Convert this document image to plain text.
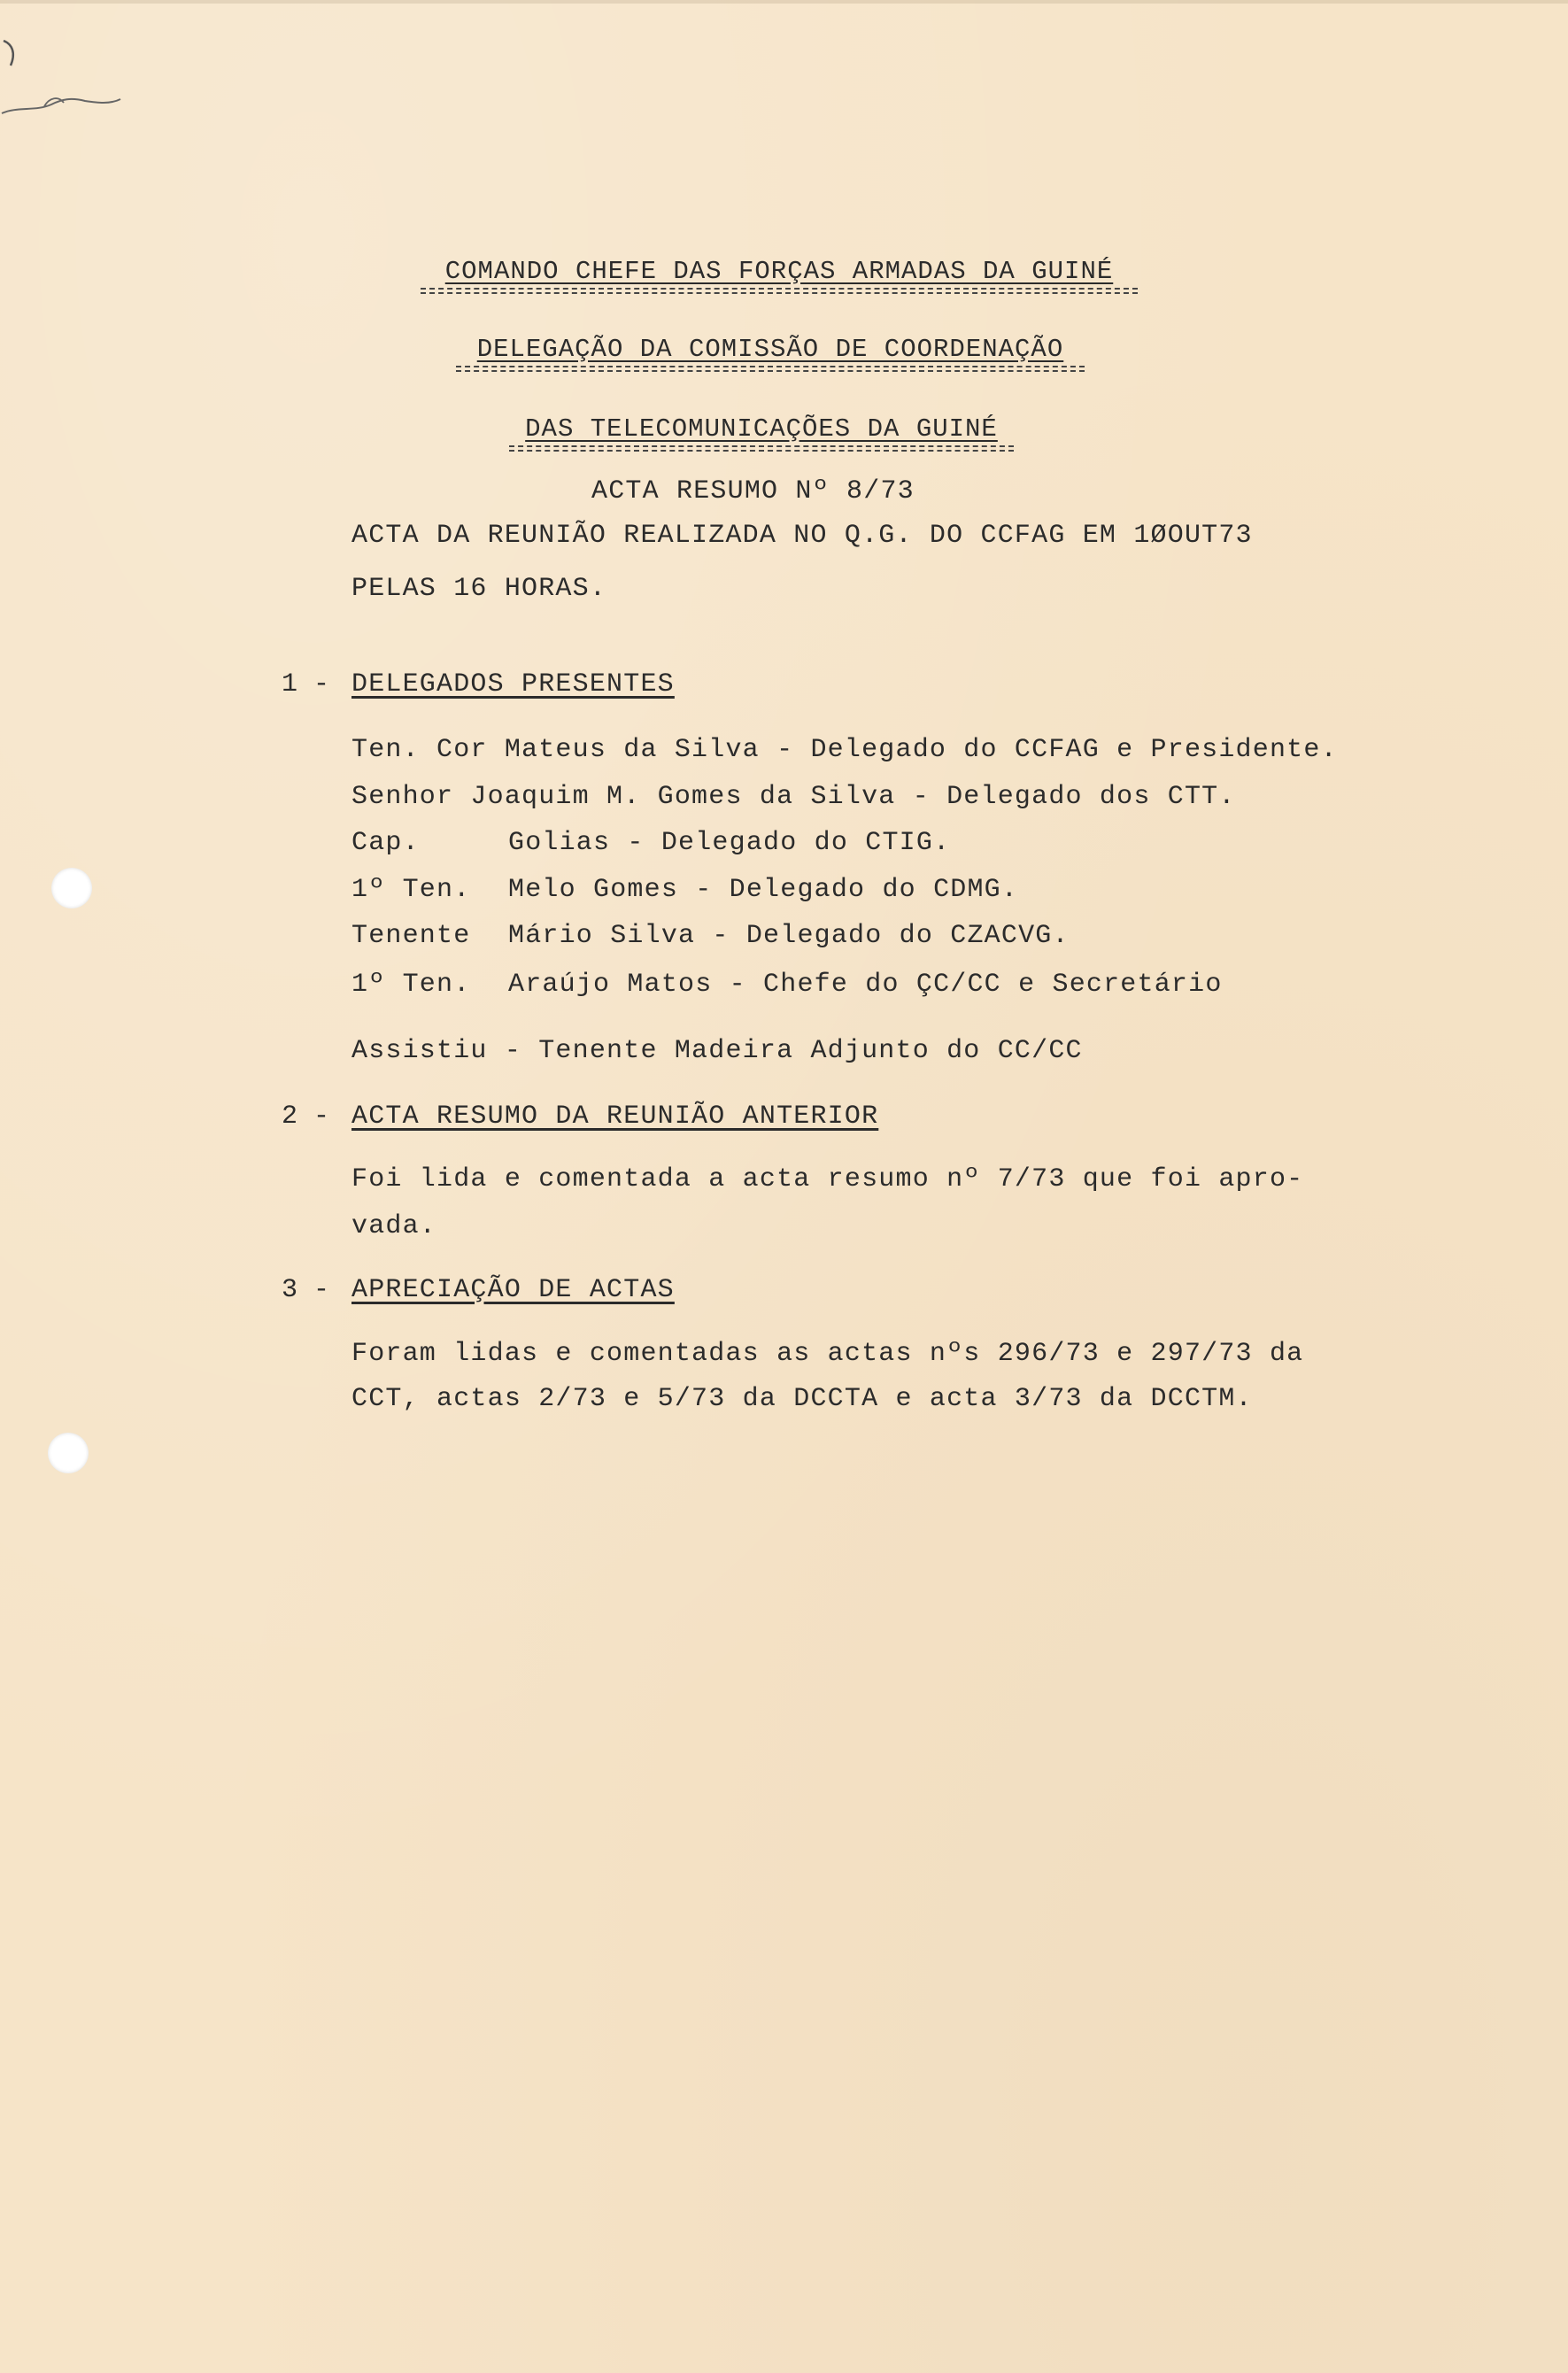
COMANDO CHEFE DAS FORÇAS ARMADAS DA GUINÉ
DELEGAÇÃO DA COMISSÃO DE COORDENAÇÃO
DAS TELECOMUNICAÇÕES DA GUINÉ
ACTA RESUMO Nº 8/73
ACTA DA REUNIÃO REALIZADA NO Q.G. DO CCFAG EM 1ØOUT73
PELAS 16 HORAS.
1 - DELEGADOS PRESENTES
Ten. Cor Mateus da Silva - Delegado do CCFAG e Presidente.
Senhor Joaquim M. Gomes da Silva - Delegado dos CTT.
Cap.	Golias - Delegado do CTIG.
1º Ten. Melo Gomes - Delegado do CDMG.
Tenente Mário Silva - Delegado do CZACVG.
1º Ten. Araújo Matos - Chefe do ÇC/CC e Secretário
Assistiu - Tenente Madeira Adjunto do CC/CC
2 - ACTA RESUMO DA REUNIÃO ANTERIOR
Foi lida e comentada a acta resumo nº 7/73 que foi apro-
vada.
3 - APRECIAÇÃO DE ACTAS
Foram lidas e comentadas as actas nºs 296/73 e 297/73 da
CCT, actas 2/73 e 5/73 da DCCTA e acta 3/73 da DCCTM.
